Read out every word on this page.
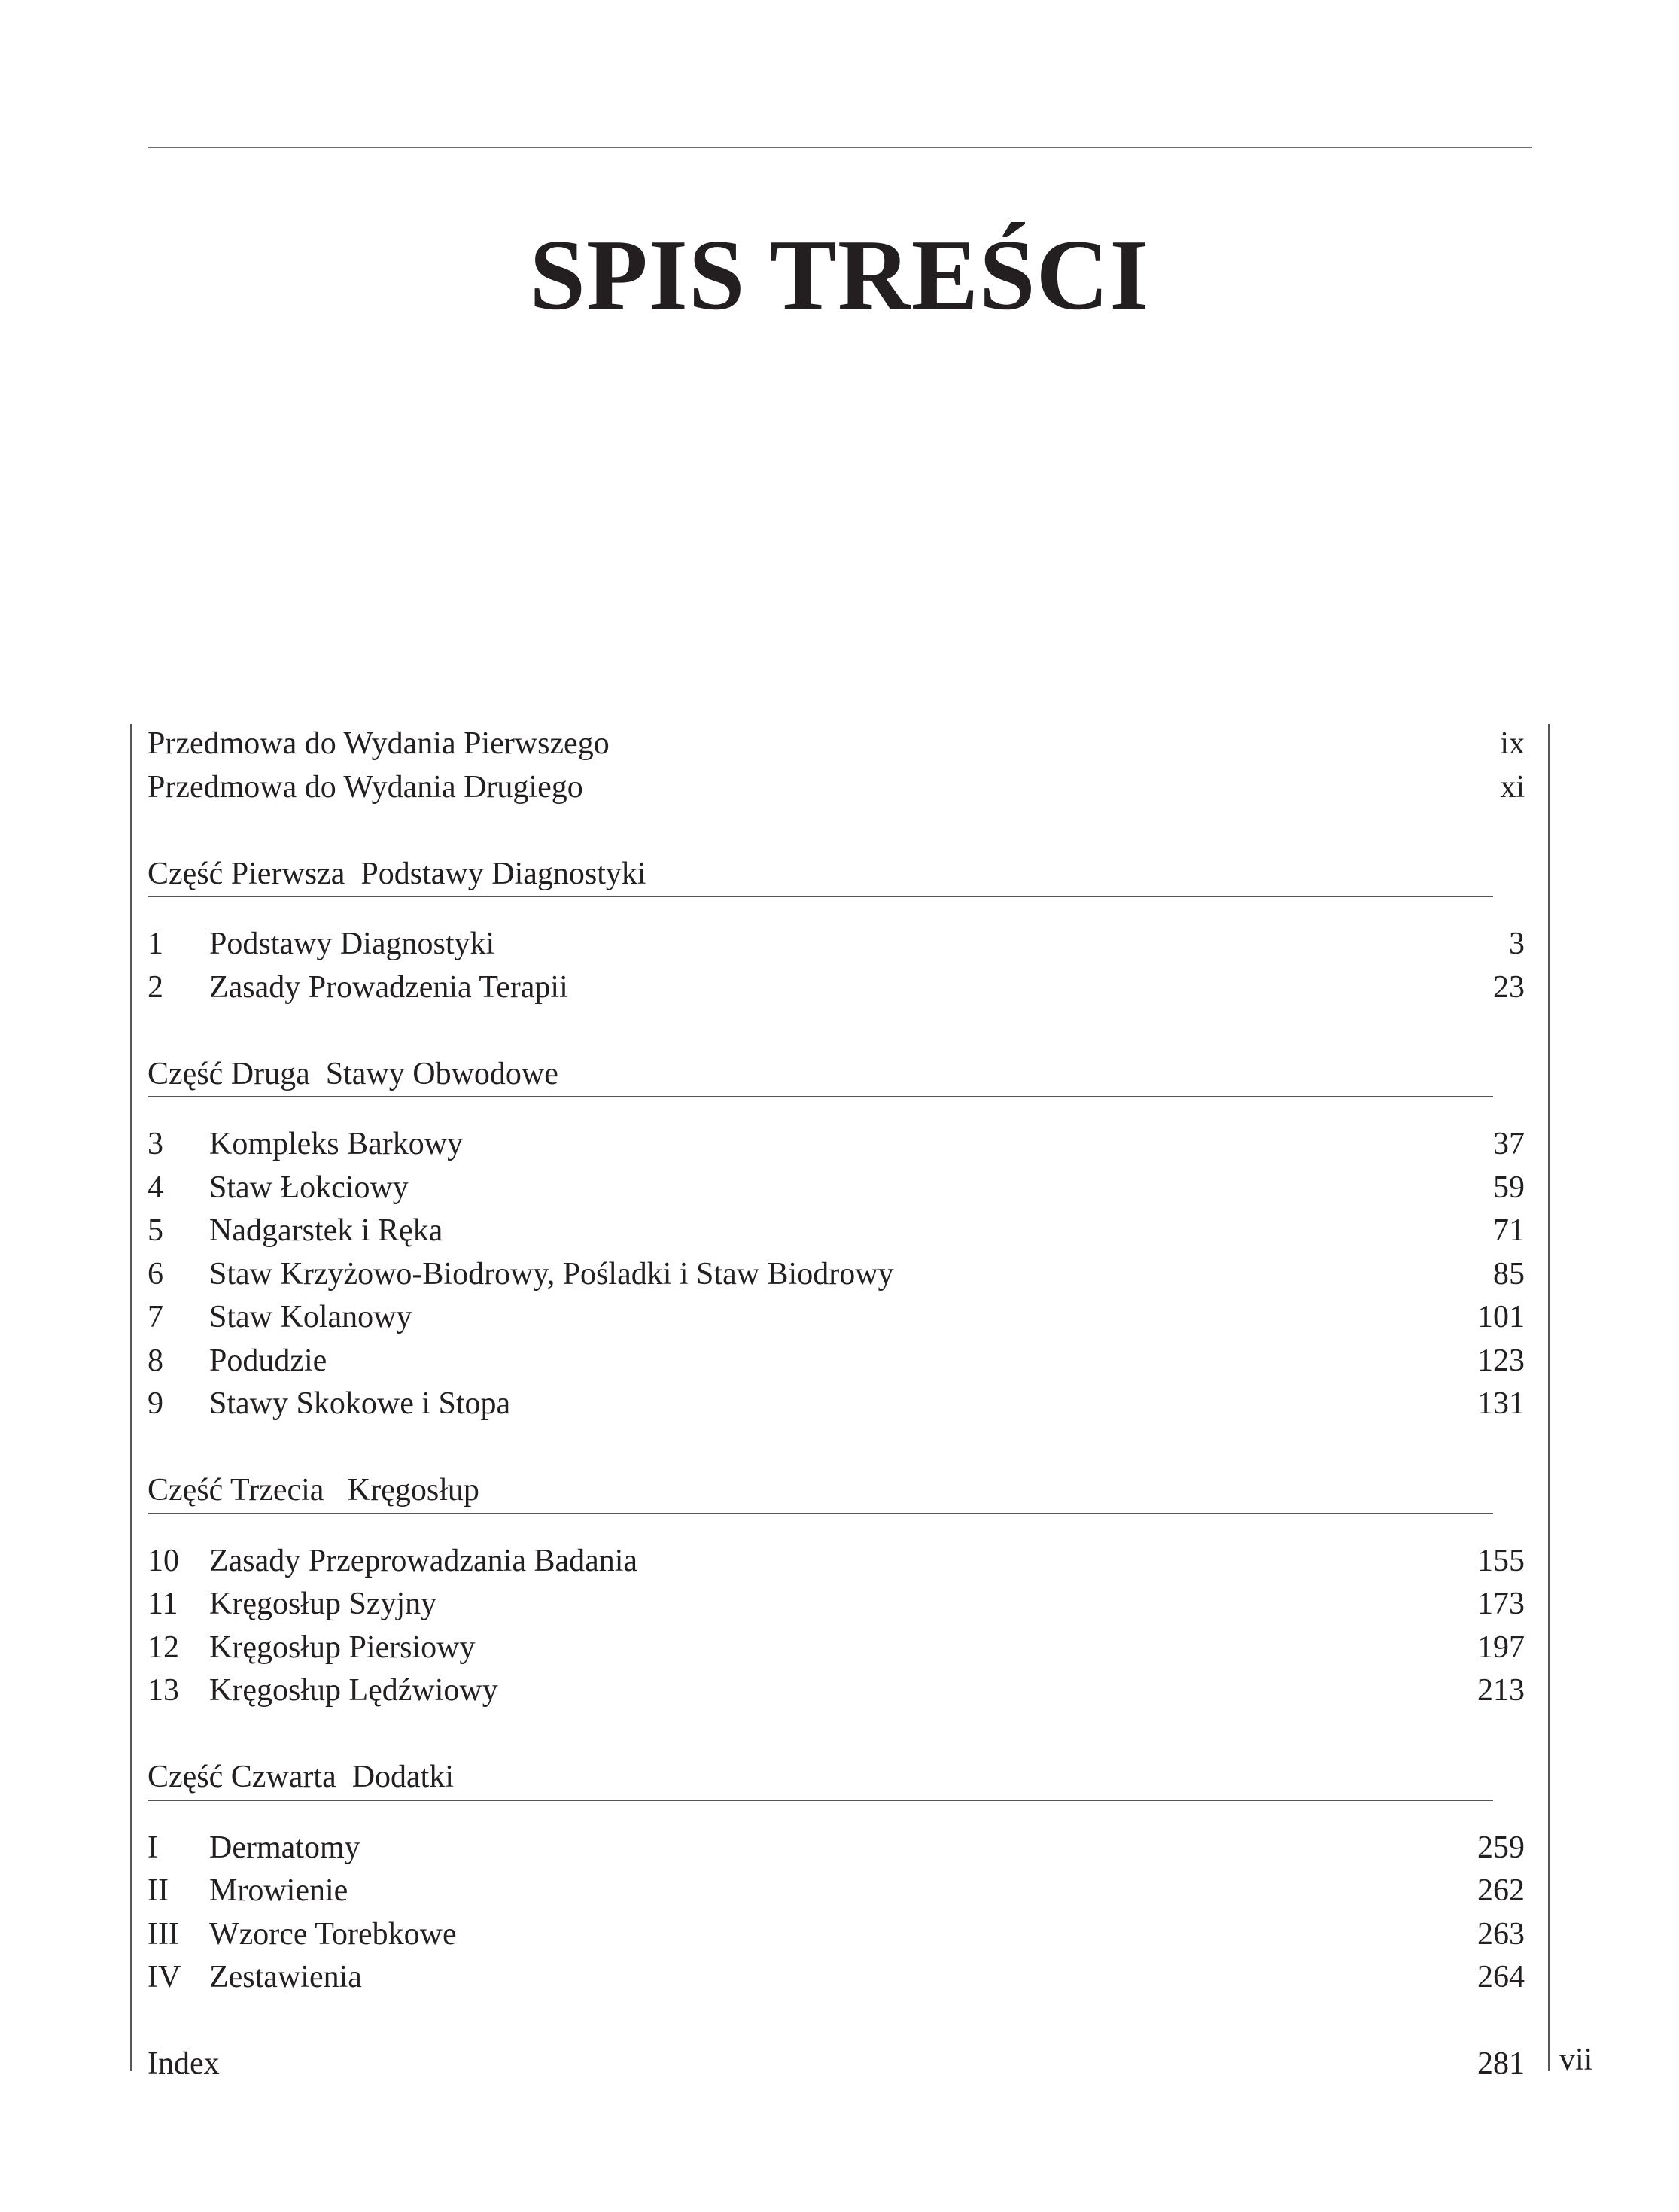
SPIS TREŚCI
Przedmowa do Wydania Pierwszego	ix
Przedmowa do Wydania Drugiego	xi
Część Pierwsza  Podstawy Diagnostyki
1 Podstawy Diagnostyki	3
2 Zasady Prowadzenia Terapii	23
Część Druga  Stawy Obwodowe
3 Kompleks Barkowy	37
4 Staw Łokciowy	59
5 Nadgarstek i Ręka	71
6 Staw Krzyżowo-Biodrowy, Pośladki i Staw Biodrowy	85
7 Staw Kolanowy	101
8 Podudzie	123
9 Stawy Skokowe i Stopa	131
Część Trzecia   Kręgosłup
10 Zasady Przeprowadzania Badania	155
11 Kręgosłup Szyjny	173
12 Kręgosłup Piersiowy	197
13 Kręgosłup Lędźwiowy	213
Część Czwarta  Dodatki
I Dermatomy	259
II Mrowienie	262
III Wzorce Torebkowe	263
IV Zestawienia	264
Index	281 vii
